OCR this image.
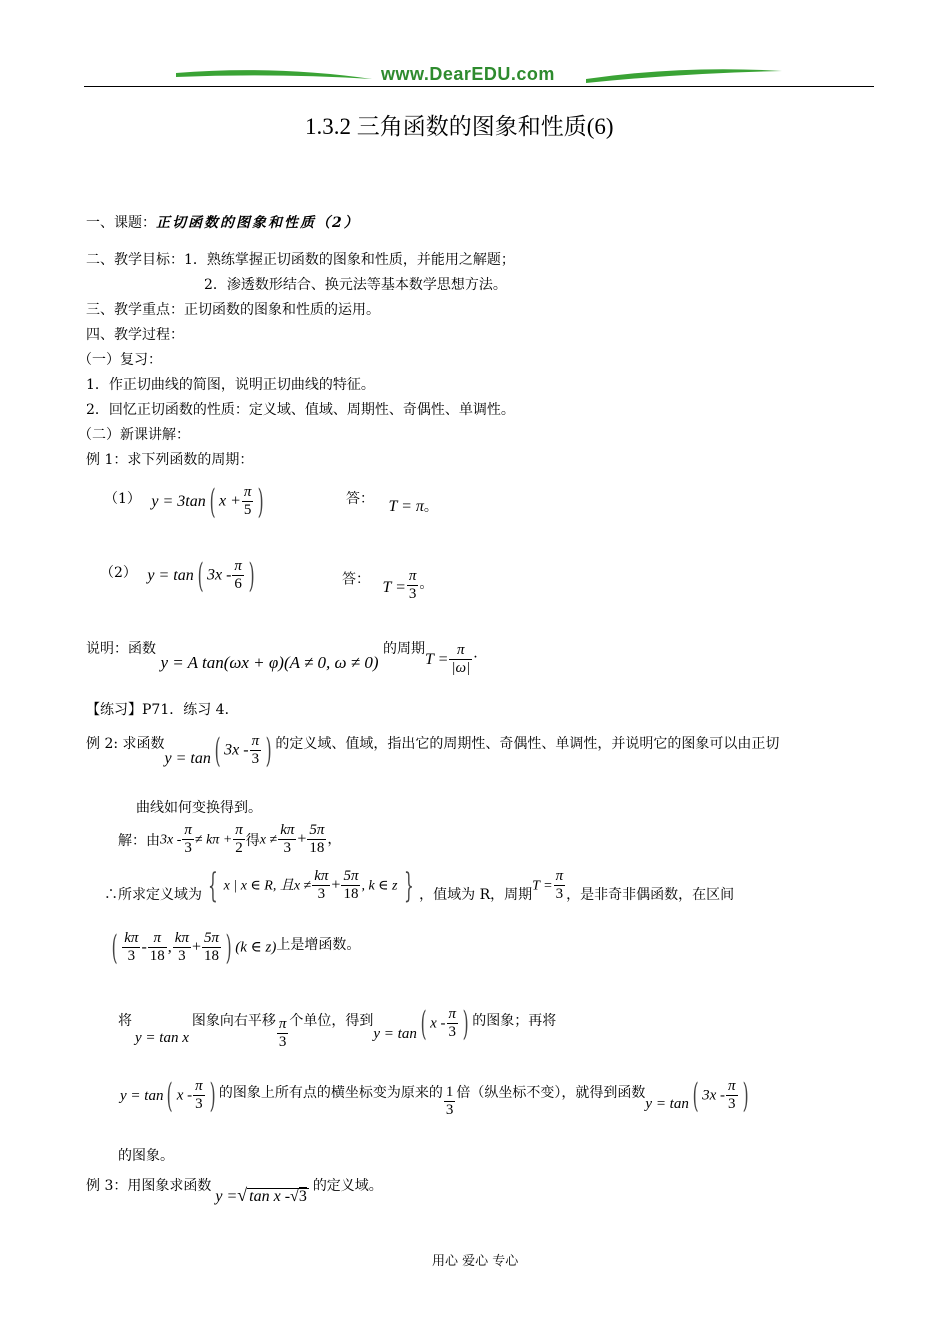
www.DearEDU.com
1.3.2 三角函数的图象和性质(6)
一、课题：正切函数的图象和性质（2）
二、教学目标：1．熟练掌握正切函数的图象和性质，并能用之解题；
2．渗透数形结合、换元法等基本数学思想方法。
三、教学重点：正切函数的图象和性质的运用。
四、教学过程：
（一）复习：
1．作正切曲线的简图，说明正切曲线的特征。
2．回忆正切函数的性质：定义域、值域、周期性、奇偶性、单调性。
（二）新课讲解：
例 1：求下列函数的周期：
（1） y = 3tan ( $x + \frac{\pi}{5}$ )	答： T = π。
（2） y = tan ( $3x - \frac{\pi}{6}$ )	答： $T = \frac{\pi}{3}$ 。
说明：函数 y = A tan(ωx + φ)(A ≠ 0, ω ≠ 0) 的周期$T = \frac{\pi}{|\omega|}$ .
【练习】P71．练习 4．
例 2: 求函数y = tan ( $3x - \frac{\pi}{3}$ ) 的定义域、值域，指出它的周期性、奇偶性、单调性，并说明它的图象可以由正切
曲线如何变换得到。
解：由$3x - \frac{\pi}{3} \ne k\pi + \frac{\pi}{2}$ 得$x \ne \frac{k\pi}{3} + \frac{5\pi}{18}$ ，
∴所求定义域为 { x | x ∈ R, 且$x \ne \frac{k\pi}{3} + \frac{5\pi}{18}$ , k ∈ z } ，值域为 R，周期$T = \frac{\pi}{3}$ ，是非奇非偶函数，在区间
( $\frac{k\pi}{3} - \frac{\pi}{18}$ , $\frac{k\pi}{3} + \frac{5\pi}{18}$ ) (k ∈ z)上是增函数。
将y = tan x图象向右平移 $\frac{\pi}{3}$ 个单位，得到y = tan ( x - $\frac{\pi}{3}$ ) 的图象；再将
y = tan ( x - $\frac{\pi}{3}$ ) 的图象上所有点的横坐标变为原来的 $\frac{1}{3}$ 倍（纵坐标不变），就得到函数y = tan ( $3x - \frac{\pi}{3}$ )
的图象。
例 3：用图象求函数y =√ tan x -√3的定义域。
用心 爱心 专心
